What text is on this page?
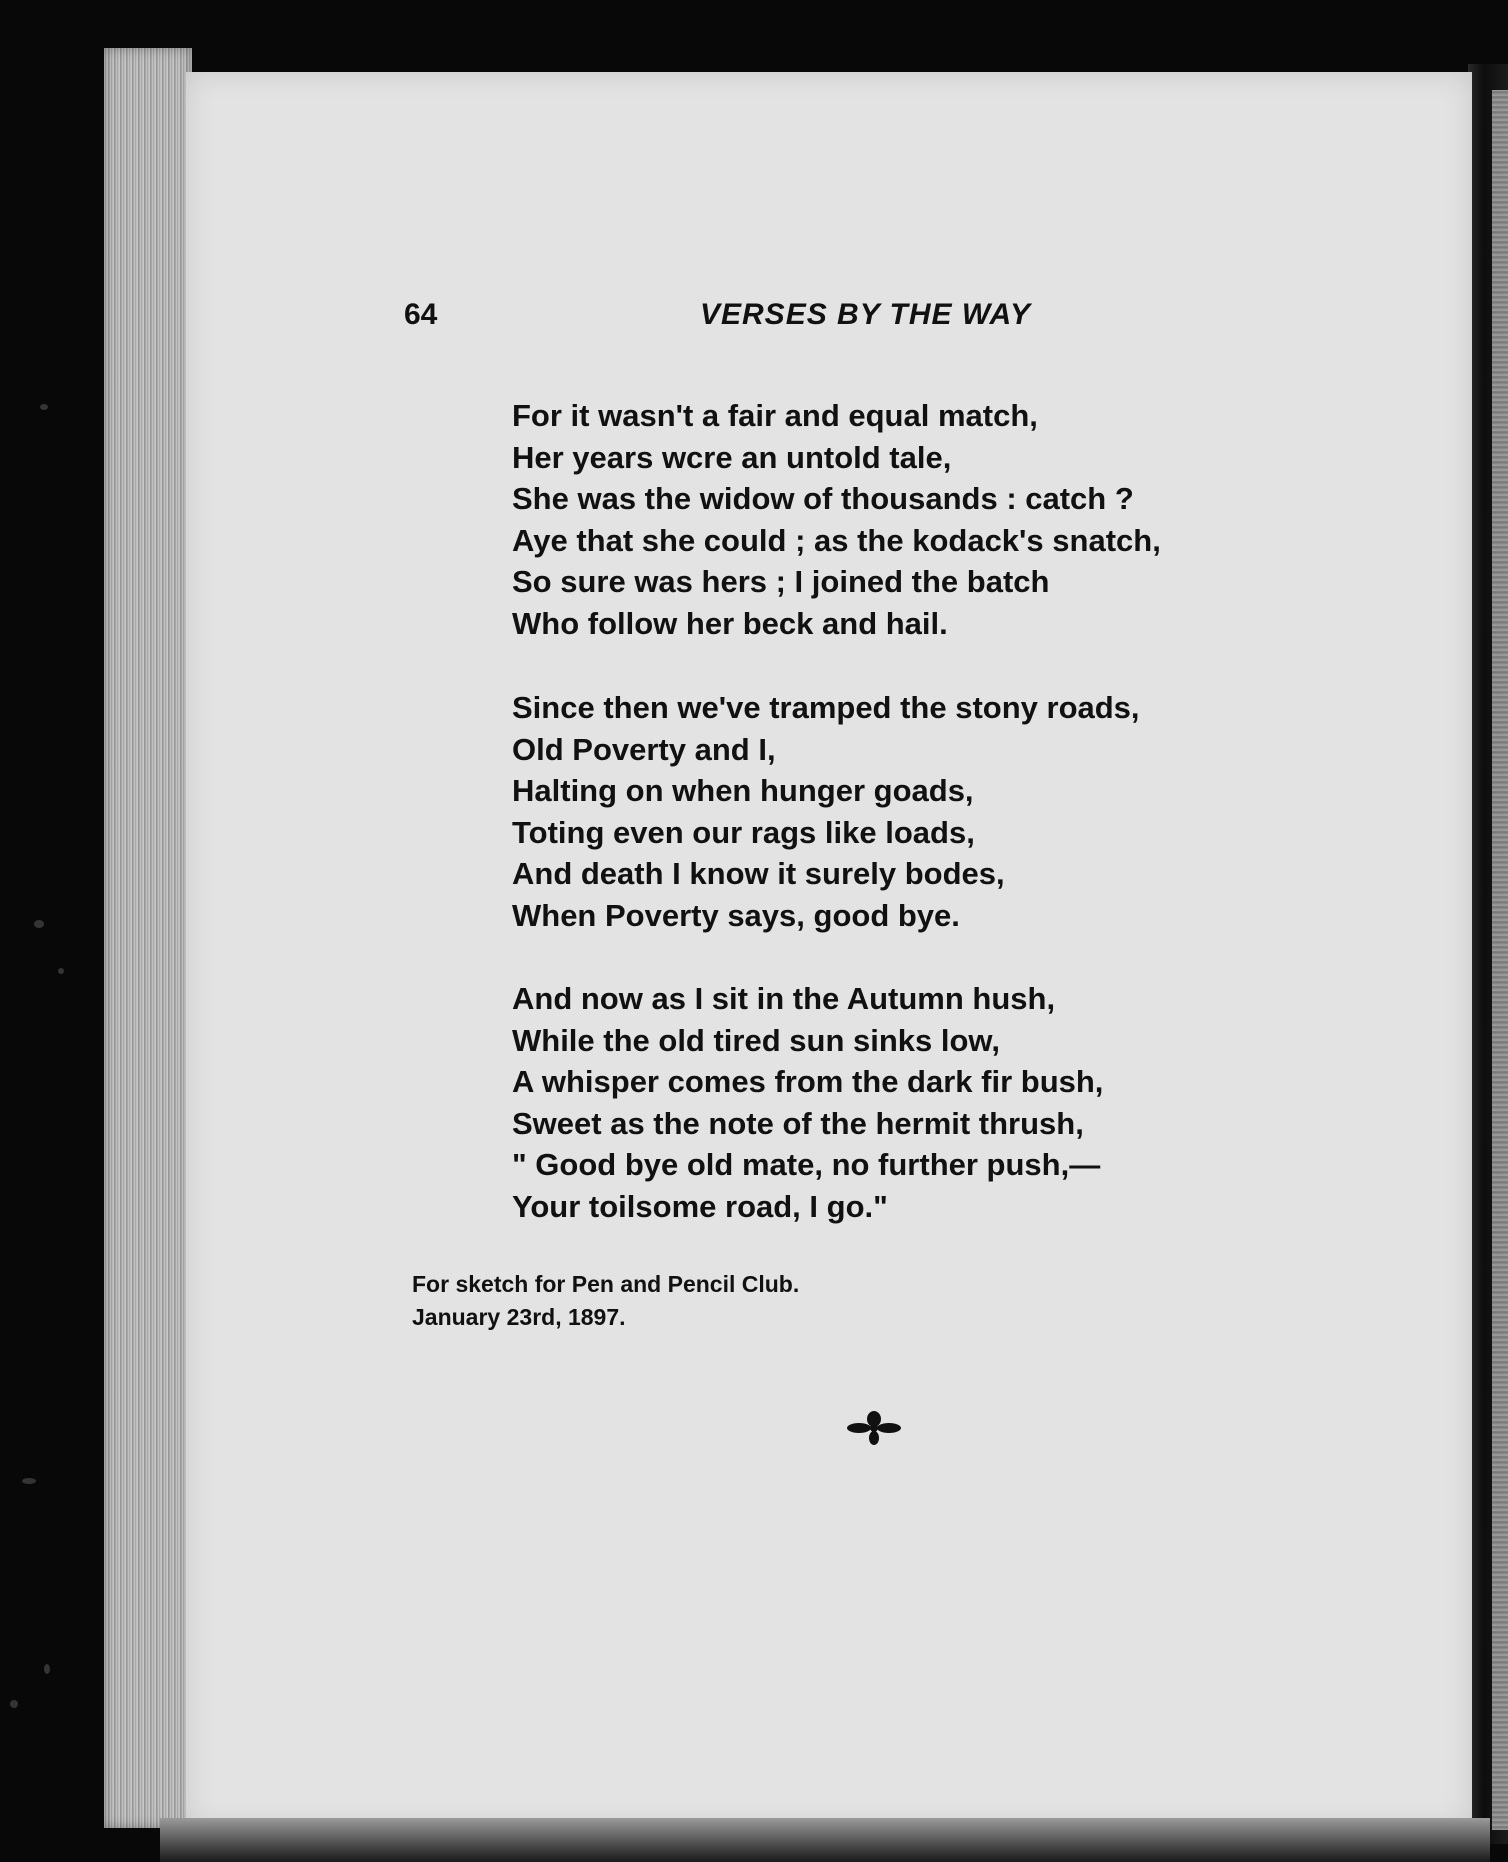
64	VERSES BY THE WAY
For it wasn't a fair and equal match,
Her years wcre an untold tale,
She was the widow of thousands : catch ?
Aye that she could ; as the kodack's snatch,
So sure was hers ; I joined the batch
Who follow her beck and hail.
Since then we've tramped the stony roads,
Old Poverty and I,
Halting on when hunger goads,
Toting even our rags like loads,
And death I know it surely bodes,
When Poverty says, good bye.
And now as I sit in the Autumn hush,
While the old tired sun sinks low,
A whisper comes from the dark fir bush,
Sweet as the note of the hermit thrush,
" Good bye old mate, no further push,—
Your toilsome road, I go."
For sketch for Pen and Pencil Club.
January 23rd, 1897.
